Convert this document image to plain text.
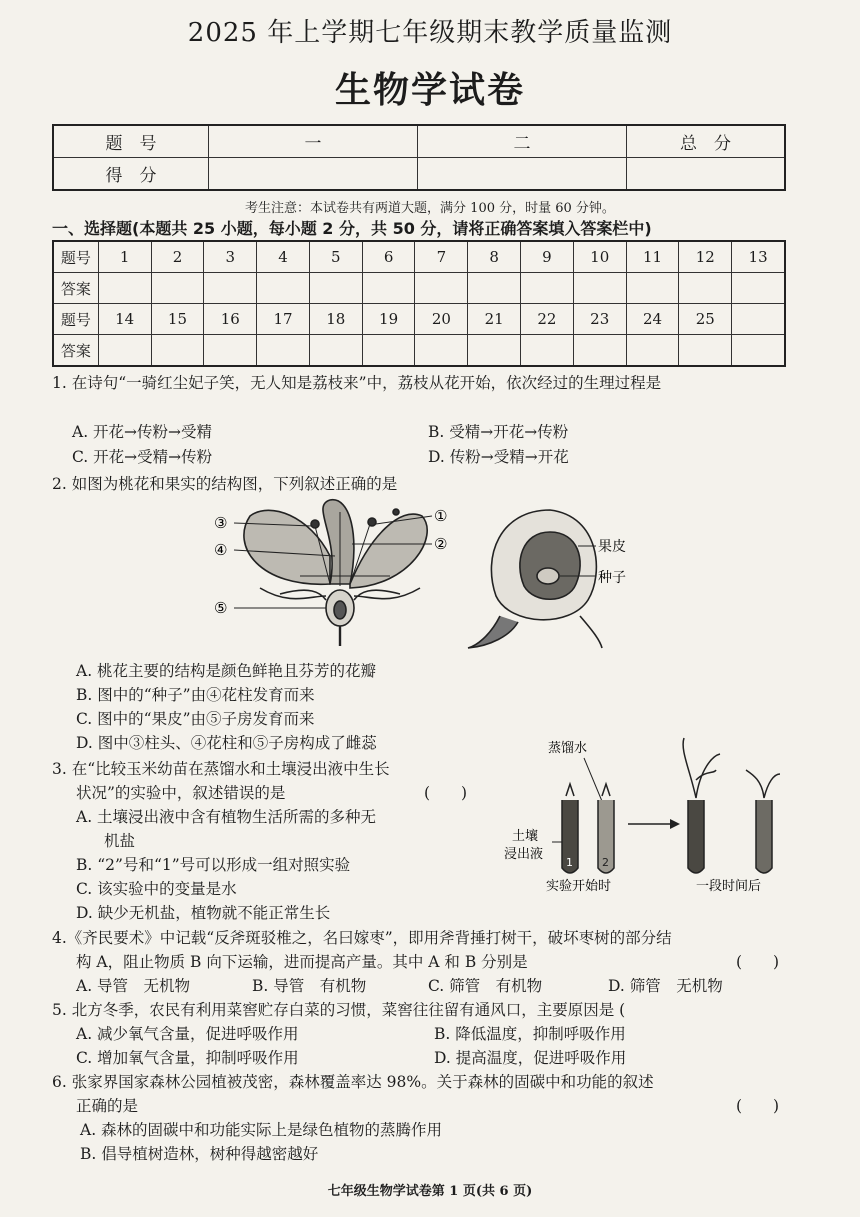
2025 年上学期七年级期末教学质量监测
生物学试卷
题　号	一	二	总　分
得　分			
考生注意：本试卷共有两道大题，满分 100 分，时量 60 分钟。
一、选择题(本题共 25 小题，每小题 2 分，共 50 分，请将正确答案填入答案栏中)
题号	1	2	3	4	5	6	7	8	9	10	11	12	13
答案													
题号	14	15	16	17	18	19	20	21	22	23	24	25	
答案													
1. 在诗句“一骑红尘妃子笑，无人知是荔枝来”中，荔枝从花开始，依次经过的生理过程是
A. 开花→传粉→受精	B. 受精→开花→传粉
C. 开花→受精→传粉	D. 传粉→受精→开花
2. 如图为桃花和果实的结构图，下列叙述正确的是
③
④
⑤
①
②	果皮
种子
A. 桃花主要的结构是颜色鲜艳且芬芳的花瓣
B. 图中的“种子”由④花柱发育而来
C. 图中的“果皮”由⑤子房发育而来
D. 图中③柱头、④花柱和⑤子房构成了雌蕊
3. 在“比较玉米幼苗在蒸馏水和土壤浸出液中生长
状况”的实验中，叙述错误的是	(　　)
A. 土壤浸出液中含有植物生活所需的多种无
机盐
B. “2”号和“1”号可以形成一组对照实验
C. 该实验中的变量是水
D. 缺少无机盐，植物就不能正常生长
蒸馏水
土壤
浸出液
1	2
实验开始时	一段时间后
4.《齐民要术》中记载“反斧斑驳椎之，名曰嫁枣”，即用斧背捶打树干，破坏枣树的部分结
构 A，阻止物质 B 向下运输，进而提高产量。其中 A 和 B 分别是	(　　)
A. 导管　无机物	B. 导管　有机物	C. 筛管　有机物	D. 筛管　无机物
5. 北方冬季，农民有利用菜窖贮存白菜的习惯，菜窖往往留有通风口，主要原因是 (
A. 减少氧气含量，促进呼吸作用	B. 降低温度，抑制呼吸作用
C. 增加氧气含量，抑制呼吸作用	D. 提高温度，促进呼吸作用
6. 张家界国家森林公园植被茂密，森林覆盖率达 98%。关于森林的固碳中和功能的叙述
正确的是	(　　)
A. 森林的固碳中和功能实际上是绿色植物的蒸腾作用
B. 倡导植树造林，树种得越密越好
七年级生物学试卷第 1 页(共 6 页)
